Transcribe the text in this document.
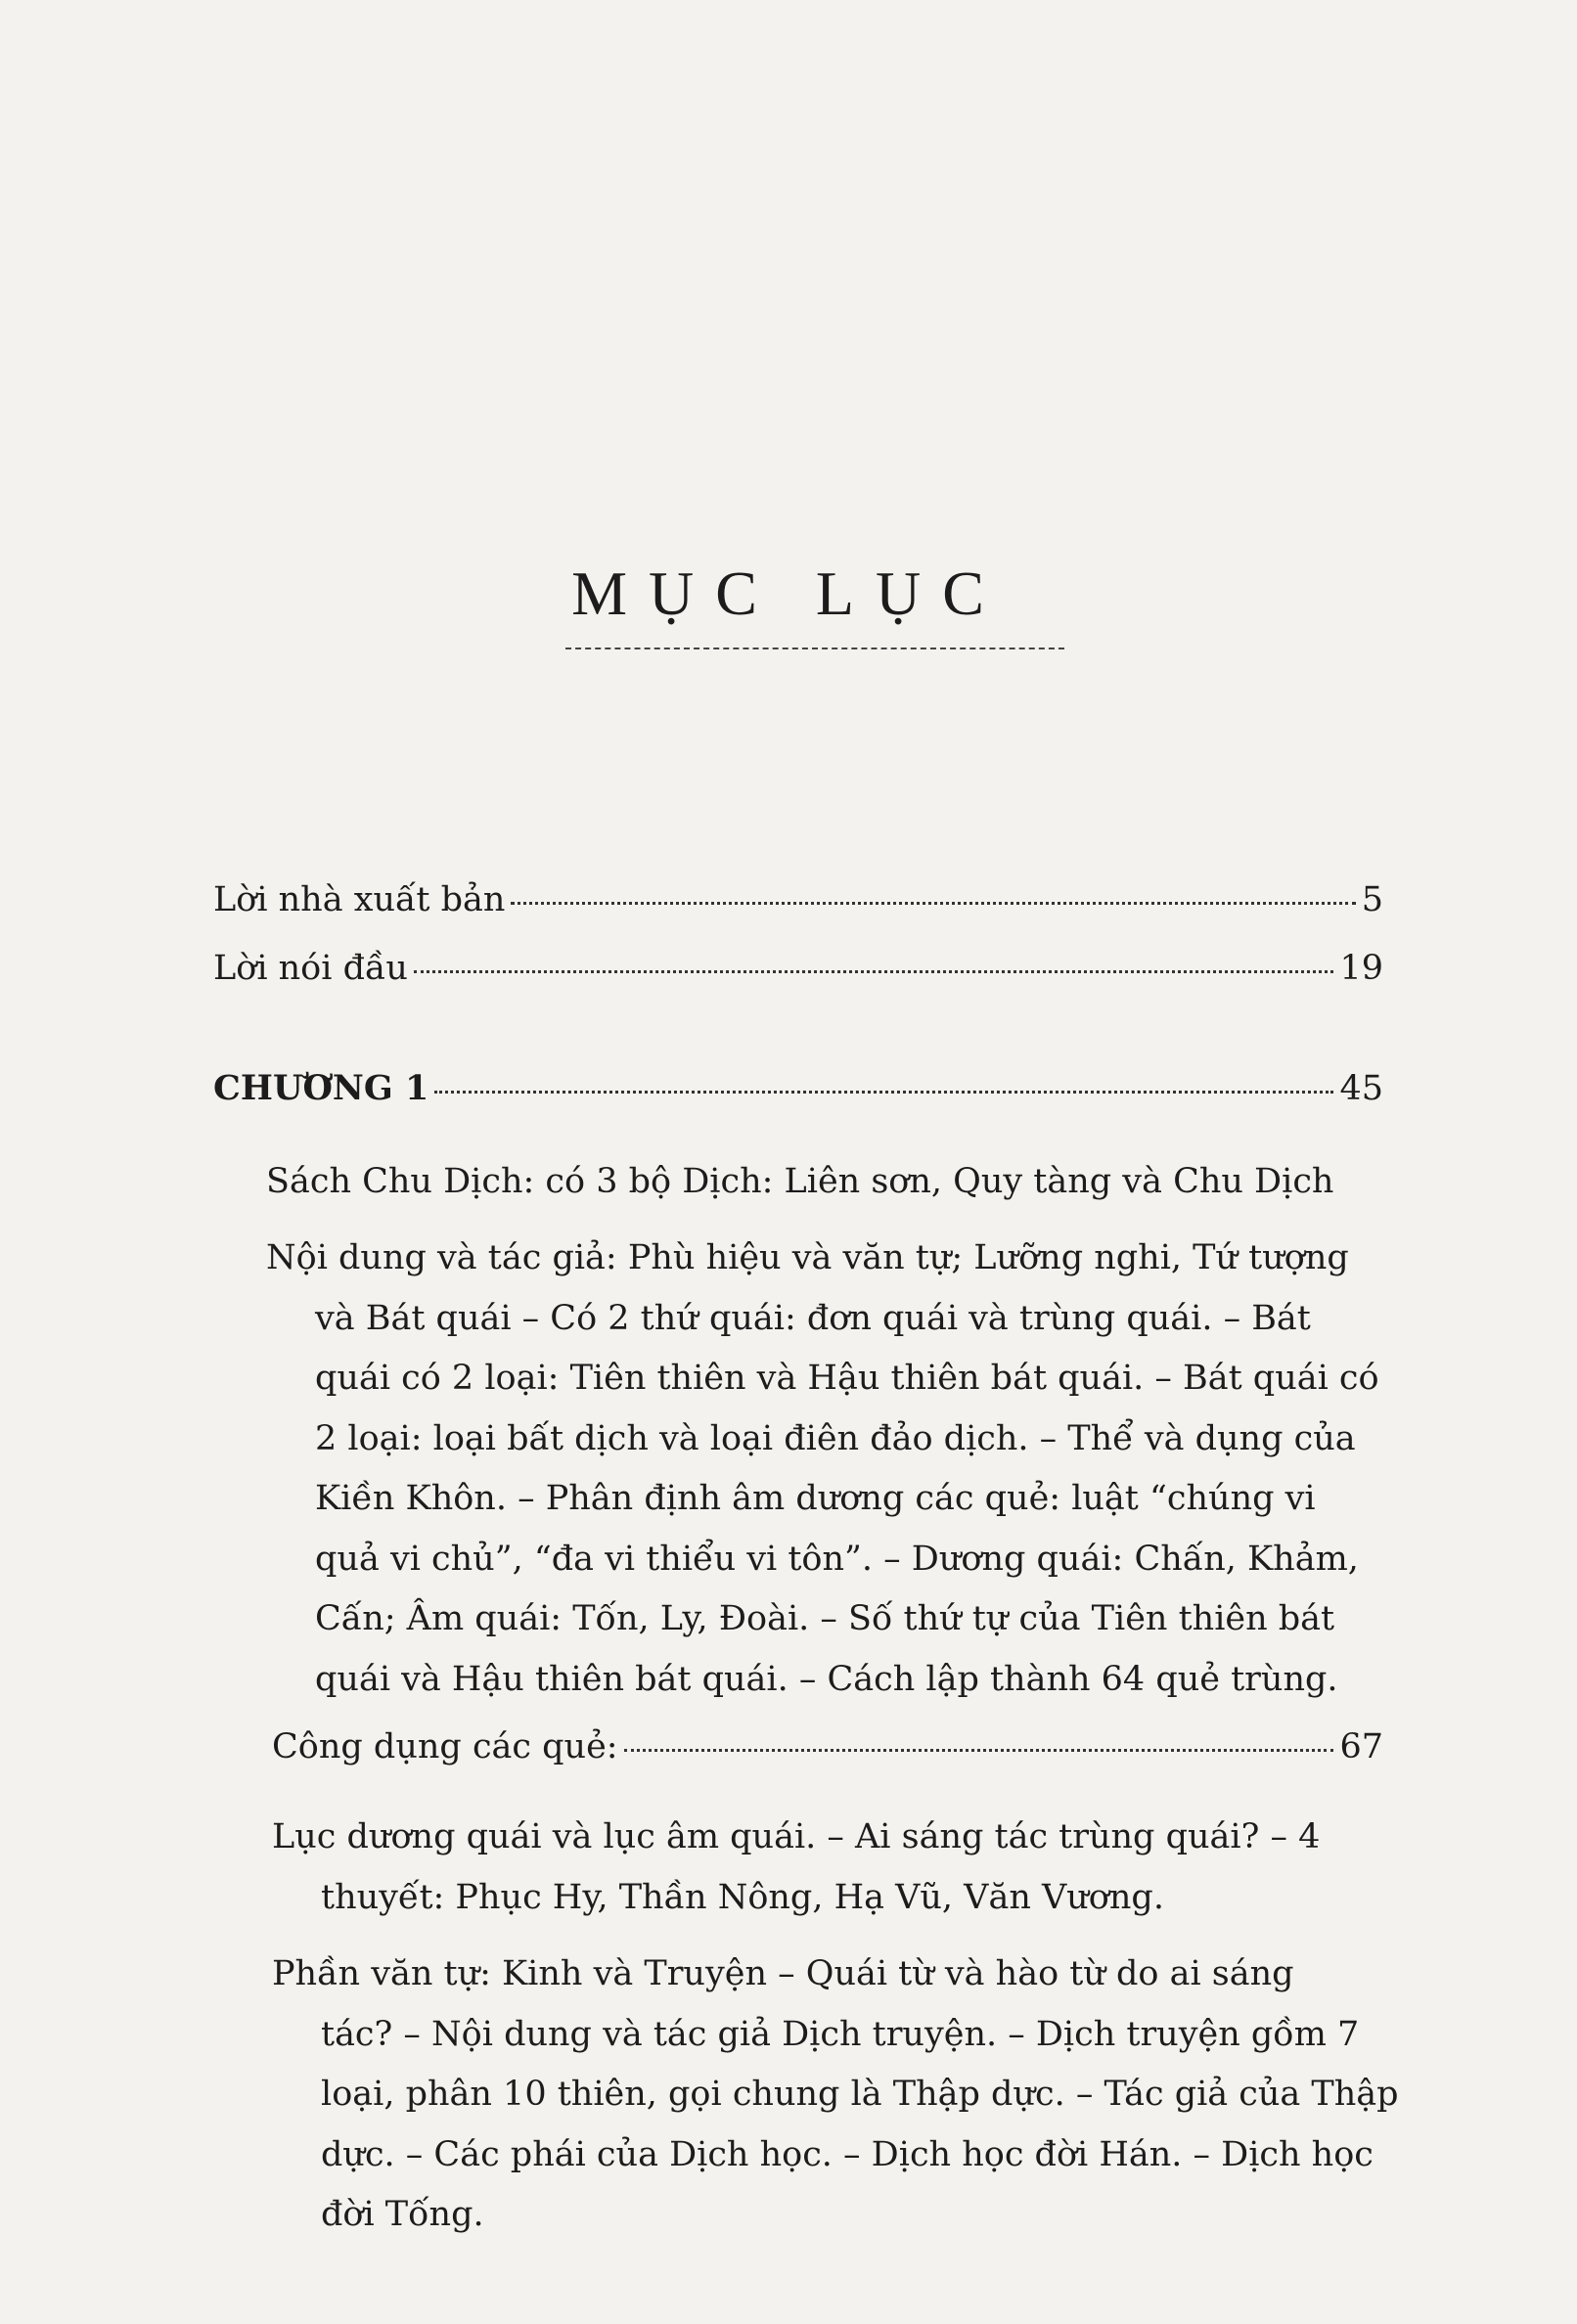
MỤC LỤC
Lời nhà xuất bản	5
Lời nói đầu	19
CHƯƠNG 1	45
Sách Chu Dịch: có 3 bộ Dịch: Liên sơn, Quy tàng và Chu Dịch
Nội dung và tác giả: Phù hiệu và văn tự; Lưỡng nghi, Tứ tượng
và Bát quái – Có 2 thứ quái: đơn quái và trùng quái. – Bát
quái có 2 loại: Tiên thiên và Hậu thiên bát quái. – Bát quái có
2 loại: loại bất dịch và loại điên đảo dịch. – Thể và dụng của
Kiền Khôn. – Phân định âm dương các quẻ: luật “chúng vi
quả vi chủ”, “đa vi thiểu vi tôn”. – Dương quái: Chấn, Khảm,
Cấn; Âm quái: Tốn, Ly, Đoài. – Số thứ tự của Tiên thiên bát
quái và Hậu thiên bát quái. – Cách lập thành 64 quẻ trùng.
Công dụng các quẻ:	67
Lục dương quái và lục âm quái. – Ai sáng tác trùng quái? – 4
thuyết: Phục Hy, Thần Nông, Hạ Vũ, Văn Vương.
Phần văn tự: Kinh và Truyện – Quái từ và hào từ do ai sáng
tác? – Nội dung và tác giả Dịch truyện. – Dịch truyện gồm 7
loại, phân 10 thiên, gọi chung là Thập dực. – Tác giả của Thập
dực. – Các phái của Dịch học. – Dịch học đời Hán. – Dịch học
đời Tống.
